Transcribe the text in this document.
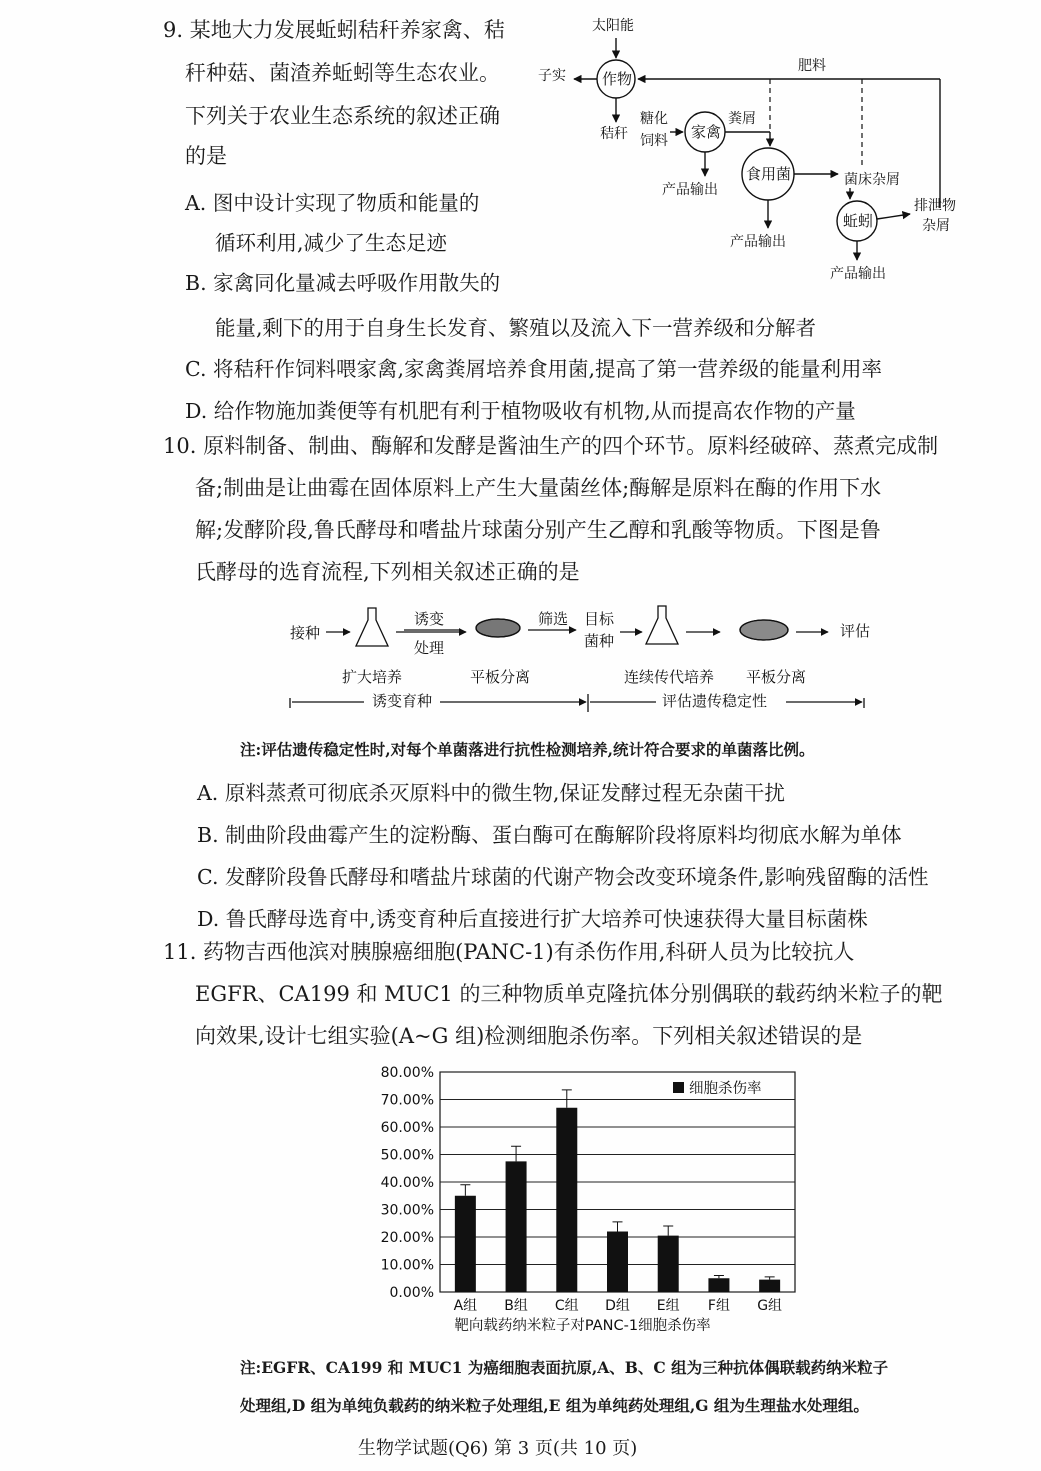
9. 某地大力发展蚯蚓秸秆养家禽、秸
秆种菇、菌渣养蚯蚓等生态农业。
下列关于农业生态系统的叙述正确
的是
A. 图中设计实现了物质和能量的
循环利用,减少了生态足迹
B. 家禽同化量减去呼吸作用散失的
能量,剩下的用于自身生长发育、繁殖以及流入下一营养级和分解者
C. 将秸秆作饲料喂家禽,家禽粪屑培养食用菌,提高了第一营养级的能量利用率
D. 给作物施加粪便等有机肥有利于植物吸收有机物,从而提高农作物的产量
太阳能
子实
肥料
秸秆
糖化
饲料
粪屑
菌床杂屑
排泄物
杂屑
产品输出
产品输出
产品输出
作物
家禽
食用菌
蚯蚓
10. 原料制备、制曲、酶解和发酵是酱油生产的四个环节。原料经破碎、蒸煮完成制
备;制曲是让曲霉在固体原料上产生大量菌丝体;酶解是原料在酶的作用下水
解;发酵阶段,鲁氏酵母和嗜盐片球菌分别产生乙醇和乳酸等物质。下图是鲁
氏酵母的选育流程,下列相关叙述正确的是
接种
诱变
处理
筛选 目标
菌种
评估
扩大培养	平板分离	连续传代培养 平板分离
诱变育种	评估遗传稳定性
注:评估遗传稳定性时,对每个单菌落进行抗性检测培养,统计符合要求的单菌落比例。
A. 原料蒸煮可彻底杀灭原料中的微生物,保证发酵过程无杂菌干扰
B. 制曲阶段曲霉产生的淀粉酶、蛋白酶可在酶解阶段将原料均彻底水解为单体
C. 发酵阶段鲁氏酵母和嗜盐片球菌的代谢产物会改变环境条件,影响残留酶的活性
D. 鲁氏酵母选育中,诱变育种后直接进行扩大培养可快速获得大量目标菌株
11. 药物吉西他滨对胰腺癌细胞(PANC-1)有杀伤作用,科研人员为比较抗人
EGFR、CA199 和 MUC1 的三种物质单克隆抗体分别偶联的载药纳米粒子的靶
向效果,设计七组实验(A~G 组)检测细胞杀伤率。下列相关叙述错误的是
0.00%
10.00%
20.00%
30.00%
40.00%
50.00%
60.00%
70.00%
80.00%
A组 B组 C组 D组 E组 F组 G组
靶向载药纳米粒子对PANC-1细胞杀伤率
细胞杀伤率
注:EGFR、CA199 和 MUC1 为癌细胞表面抗原,A、B、C 组为三种抗体偶联载药纳米粒子
处理组,D 组为单纯负载药的纳米粒子处理组,E 组为单纯药处理组,G 组为生理盐水处理组。
生物学试题(Q6) 第 3 页(共 10 页)
